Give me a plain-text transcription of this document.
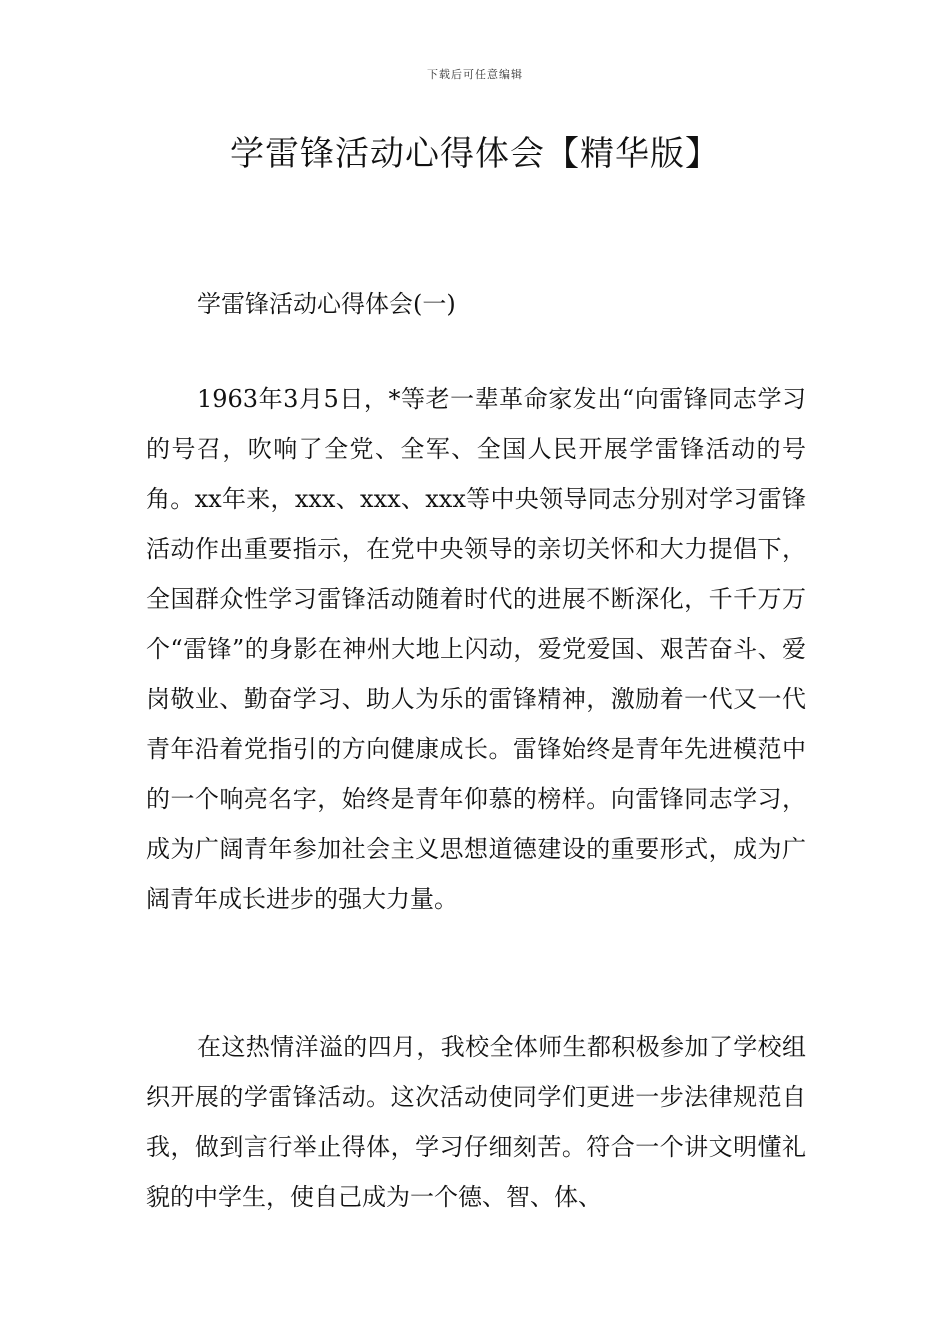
下载后可任意编辑
学雷锋活动心得体会【精华版】
学雷锋活动心得体会(一)

1963年3月5日，*等老一辈革命家发出“向雷锋同志学习的号召，吹响了全党、全军、全国人民开展学雷锋活动的号角。xx年来，xxx、xxx、xxx等中央领导同志分别对学习雷锋活动作出重要指示，在党中央领导的亲切关怀和大力提倡下，全国群众性学习雷锋活动随着时代的进展不断深化，千千万万个“雷锋”的身影在神州大地上闪动，爱党爱国、艰苦奋斗、爱岗敬业、勤奋学习、助人为乐的雷锋精神，激励着一代又一代青年沿着党指引的方向健康成长。雷锋始终是青年先进模范中的一个响亮名字，始终是青年仰慕的榜样。向雷锋同志学习，成为广阔青年参加社会主义思想道德建设的重要形式，成为广阔青年成长进步的强大力量。

在这热情洋溢的四月，我校全体师生都积极参加了学校组织开展的学雷锋活动。这次活动使同学们更进一步法律规范自我，做到言行举止得体，学习仔细刻苦。符合一个讲文明懂礼貌的中学生，使自己成为一个德、智、体、
